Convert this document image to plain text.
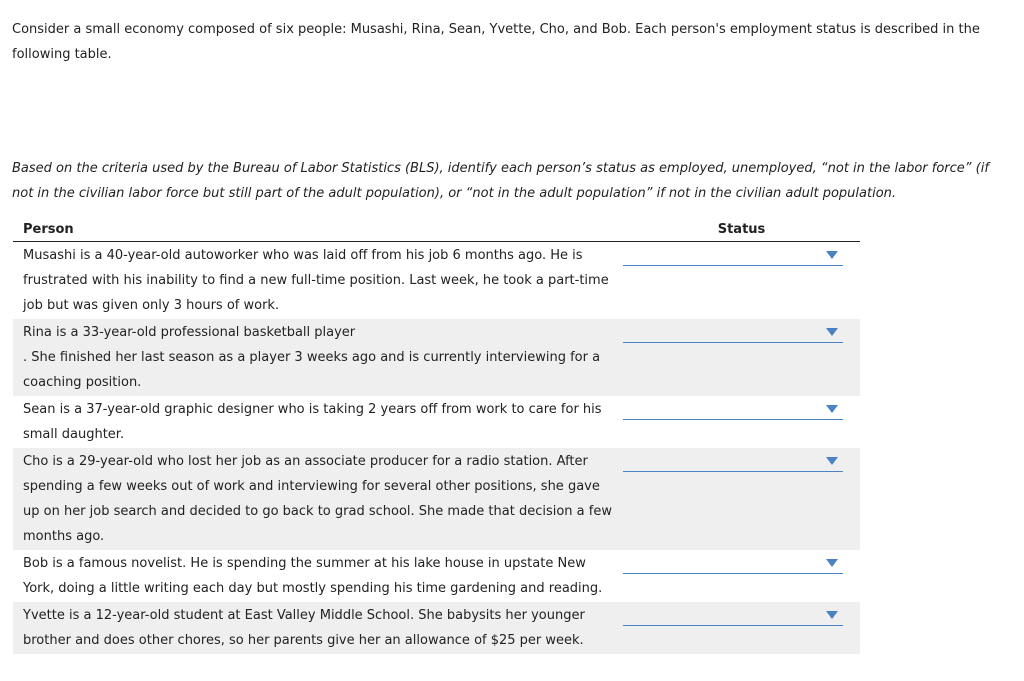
Consider a small economy composed of six people: Musashi, Rina, Sean, Yvette, Cho, and Bob. Each person's employment status is described in the following table.

Based on the criteria used by the Bureau of Labor Statistics (BLS), identify each person’s status as employed, unemployed, “not in the labor force” (if not in the civilian labor force but still part of the adult population), or “not in the adult population” if not in the civilian adult population.

Person	Status

Musashi is a 40-year-old autoworker who was laid off from his job 6 months ago. He is
frustrated with his inability to find a new full-time position. Last week, he took a part-time
job but was given only 3 hours of work.	

Rina is a 33-year-old professional basketball player
. She finished her last season as a player 3 weeks ago and is currently interviewing for a
coaching position.	

Sean is a 37-year-old graphic designer who is taking 2 years off from work to care for his
small daughter.	

Cho is a 29-year-old who lost her job as an associate producer for a radio station. After
spending a few weeks out of work and interviewing for several other positions, she gave
up on her job search and decided to go back to grad school. She made that decision a few
months ago.	

Bob is a famous novelist. He is spending the summer at his lake house in upstate New
York, doing a little writing each day but mostly spending his time gardening and reading.	

Yvette is a 12-year-old student at East Valley Middle School. She babysits her younger
brother and does other chores, so her parents give her an allowance of $25 per week.	
